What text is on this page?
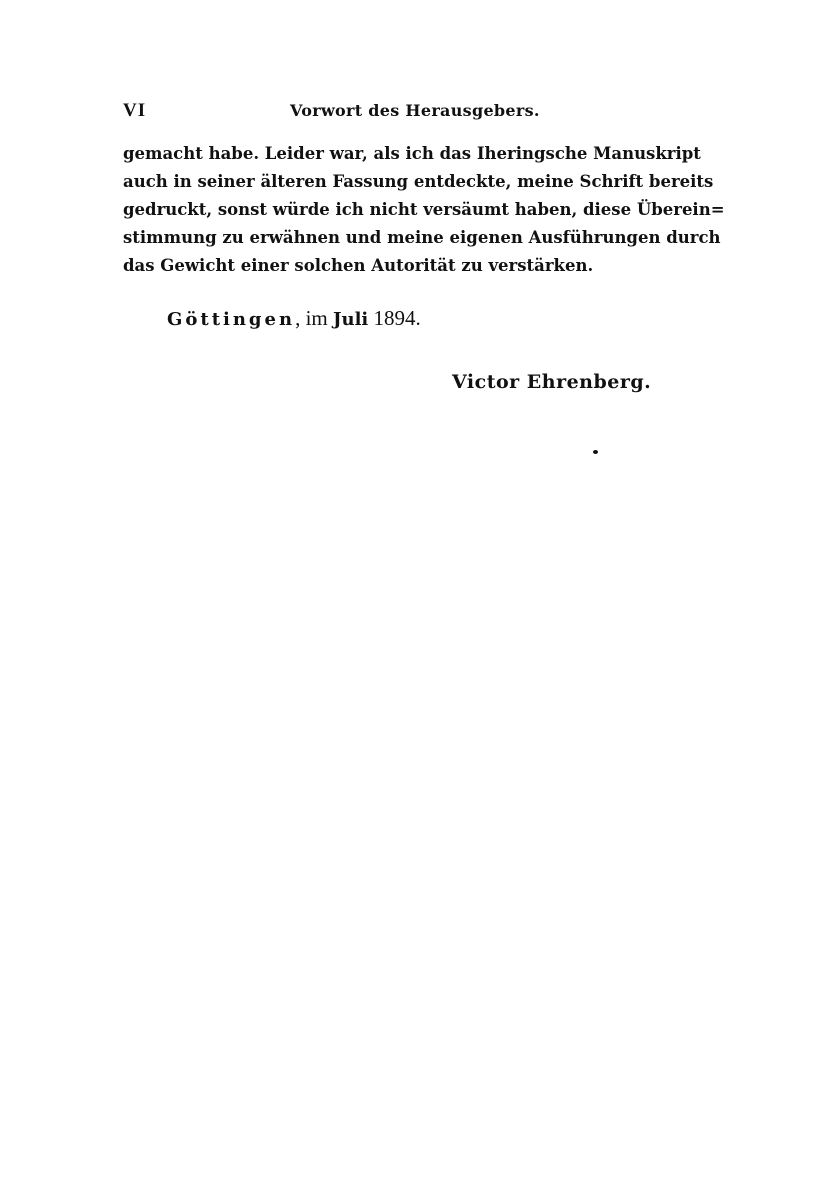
VI	Vorwort des Herausgebers.
gemacht habe. Leider war, als ich das Iheringsche Manuskript
auch in seiner älteren Fassung entdeckte, meine Schrift bereits
gedruckt, sonst würde ich nicht versäumt haben, diese Überein=
stimmung zu erwähnen und meine eigenen Ausführungen durch
das Gewicht einer solchen Autorität zu verstärken.
Göttingen, im Juli 1894.
Victor Ehrenberg.
